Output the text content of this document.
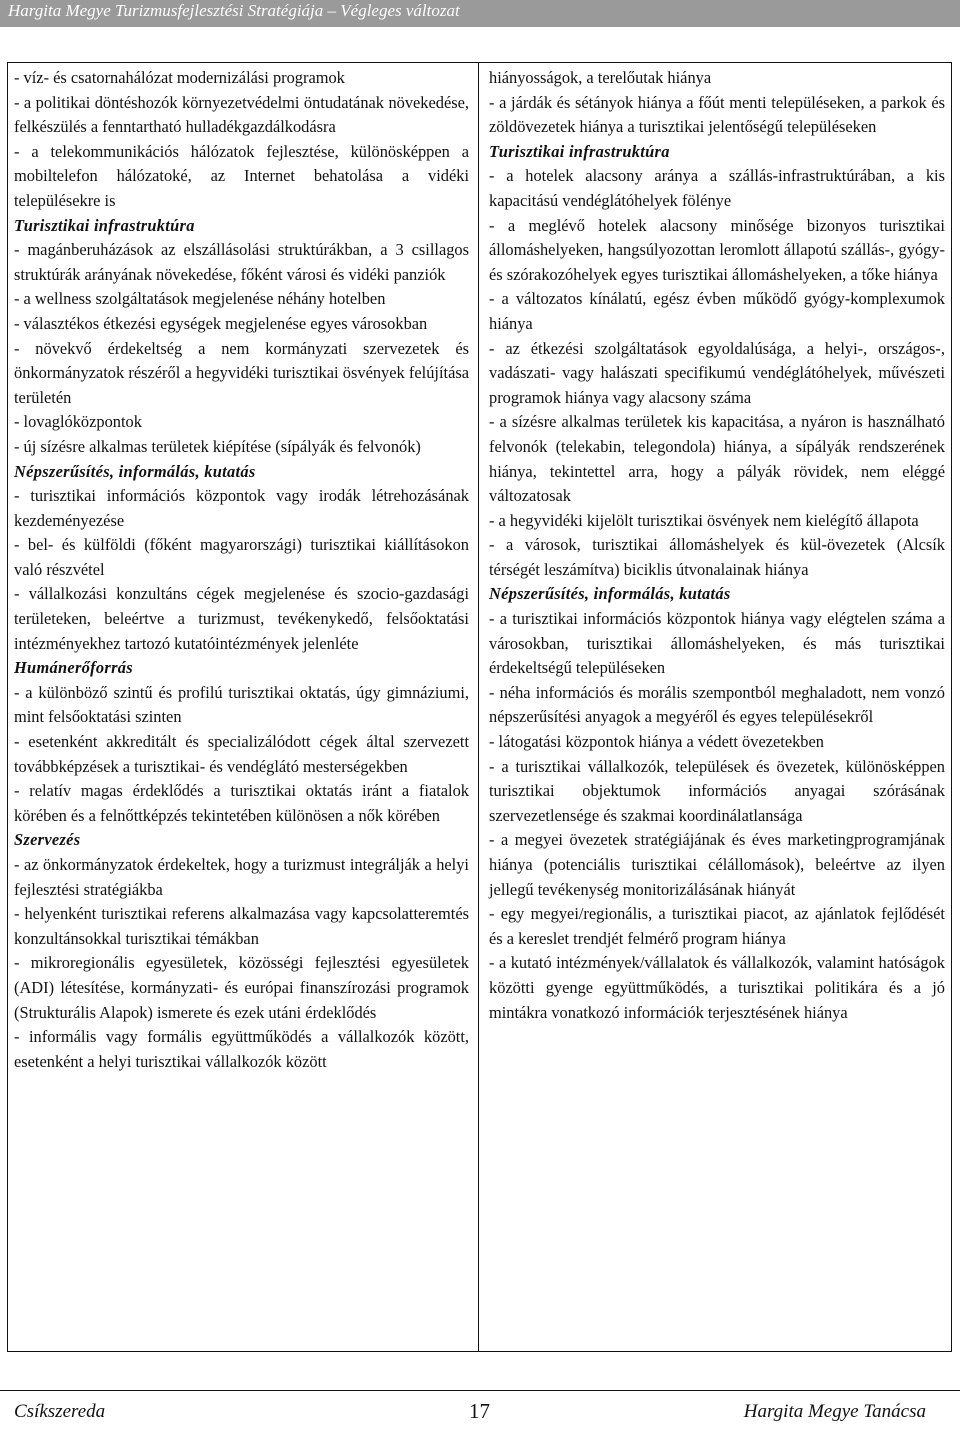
Hargita Megye Turizmusfejlesztési Stratégiája – Végleges változat

- víz- és csatornahálózat modernizálási programok

- a politikai döntéshozók környezetvédelmi öntudatának növekedése, felkészülés a fenntartható hulladékgazdálkodásra

- a telekommunikációs hálózatok fejlesztése, különösképpen a mobiltelefon hálózatoké, az Internet behatolása a vidéki településekre is

Turisztikai infrastruktúra

- magánberuházások az elszállásolási struktúrákban, a 3 csillagos struktúrák arányának növekedése, főként városi és vidéki panziók

- a wellness szolgáltatások megjelenése néhány hotelben

- választékos étkezési egységek megjelenése egyes városokban

- növekvő érdekeltség a nem kormányzati szervezetek és önkormányzatok részéről a hegyvidéki turisztikai ösvények felújítása területén

- lovaglóközpontok

- új sízésre alkalmas területek kiépítése (sípályák és felvonók)

Népszerűsítés, informálás, kutatás

- turisztikai információs központok vagy irodák létrehozásának kezdeményezése

- bel- és külföldi (főként magyarországi) turisztikai kiállításokon való részvétel

- vállalkozási konzultáns cégek megjelenése és szocio-gazdasági területeken, beleértve a turizmust, tevékenykedő, felsőoktatási intézményekhez tartozó kutatóintézmények jelenléte

Humánerőforrás

- a különböző szintű és profilú turisztikai oktatás, úgy gimnáziumi, mint felsőoktatási szinten

- esetenként akkreditált és specializálódott cégek által szervezett továbbképzések a turisztikai- és vendéglátó mesterségekben

- relatív magas érdeklődés a turisztikai oktatás iránt a fiatalok körében és a felnőttképzés tekintetében különösen a nők körében

Szervezés

- az önkormányzatok érdekeltek, hogy a turizmust integrálják a helyi fejlesztési stratégiákba

- helyenként turisztikai referens alkalmazása vagy kapcsolatteremtés konzultánsokkal turisztikai témákban

- mikroregionális egyesületek, közösségi fejlesztési egyesületek (ADI) létesítése, kormányzati- és európai finanszírozási programok (Strukturális Alapok) ismerete és ezek utáni érdeklődés

- informális vagy formális együttműködés a vállalkozók között, esetenként a helyi turisztikai vállalkozók között

hiányosságok, a terelőutak hiánya

- a járdák és sétányok hiánya a főút menti településeken, a parkok és zöldövezetek hiánya a turisztikai jelentőségű településeken

Turisztikai infrastruktúra

- a hotelek alacsony aránya a szállás-infrastruktúrában, a kis kapacitású vendéglátóhelyek fölénye

- a meglévő hotelek alacsony minősége bizonyos turisztikai állomáshelyeken, hangsúlyozottan leromlott állapotú szállás-, gyógy- és szórakozóhelyek egyes turisztikai állomáshelyeken, a tőke hiánya

- a változatos kínálatú, egész évben működő gyógy-komplexumok hiánya

- az étkezési szolgáltatások egyoldalúsága, a helyi-, országos-, vadászati- vagy halászati specifikumú vendéglátóhelyek, művészeti programok hiánya vagy alacsony száma

- a sízésre alkalmas területek kis kapacitása, a nyáron is használható felvonók (telekabin, telegondola) hiánya, a sípályák rendszerének hiánya, tekintettel arra, hogy a pályák rövidek, nem eléggé változatosak

- a hegyvidéki kijelölt turisztikai ösvények nem kielégítő állapota

- a városok, turisztikai állomáshelyek és kül-övezetek (Alcsík térségét leszámítva) biciklis útvonalainak hiánya

Népszerűsítés, informálás, kutatás

- a turisztikai információs központok hiánya vagy elégtelen száma a városokban, turisztikai állomáshelyeken, és más turisztikai érdekeltségű településeken

- néha információs és morális szempontból meghaladott, nem vonzó népszerűsítési anyagok a megyéről és egyes településekről

- látogatási központok hiánya a védett övezetekben

- a turisztikai vállalkozók, települések és övezetek, különösképpen turisztikai objektumok információs anyagai szórásának szervezetlensége és szakmai koordinálatlansága

- a megyei övezetek stratégiájának és éves marketingprogramjának hiánya (potenciális turisztikai célállomások), beleértve az ilyen jellegű tevékenység monitorizálásának hiányát

- egy megyei/regionális, a turisztikai piacot, az ajánlatok fejlődését és a kereslet trendjét felmérő program hiánya

- a kutató intézmények/vállalatok és vállalkozók, valamint hatóságok közötti gyenge együttműködés, a turisztikai politikára és a jó mintákra vonatkozó információk terjesztésének hiánya

Csíkszereda	17	Hargita Megye Tanácsa
